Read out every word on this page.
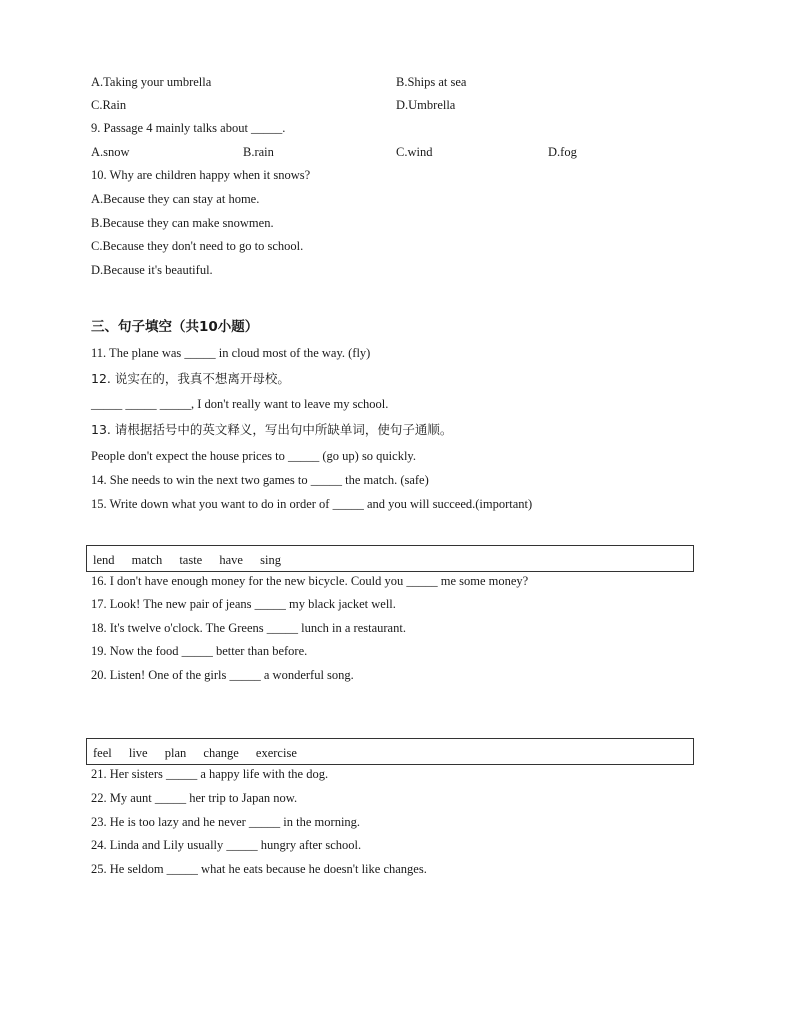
A.Taking your umbrella	B.Ships at sea
C.Rain	D.Umbrella
9. Passage 4 mainly talks about _____.
A.snow	B.rain	C.wind	D.fog
10. Why are children happy when it snows?
A.Because they can stay at home.
B.Because they can make snowmen.
C.Because they don't need to go to school.
D.Because it's beautiful.
三、句子填空（共10小题）
11. The plane was _____ in cloud most of the way. (fly)
12. 说实在的，我真不想离开母校。
_____ _____ _____, I don't really want to leave my school.
13. 请根据括号中的英文释义，写出句中所缺单词，使句子通顺。
People don't expect the house prices to _____ (go up) so quickly.
14. She needs to win the next two games to _____ the match. (safe)
15. Write down what you want to do in order of _____ and you will succeed.(important)
lend match taste have sing
16. I don't have enough money for the new bicycle. Could you _____ me some money?
17. Look! The new pair of jeans _____ my black jacket well.
18. It's twelve o'clock. The Greens _____ lunch in a restaurant.
19. Now the food _____ better than before.
20. Listen! One of the girls _____ a wonderful song.
feel live plan change exercise
21. Her sisters _____ a happy life with the dog.
22. My aunt _____ her trip to Japan now.
23. He is too lazy and he never _____ in the morning.
24. Linda and Lily usually _____ hungry after school.
25. He seldom _____ what he eats because he doesn't like changes.
